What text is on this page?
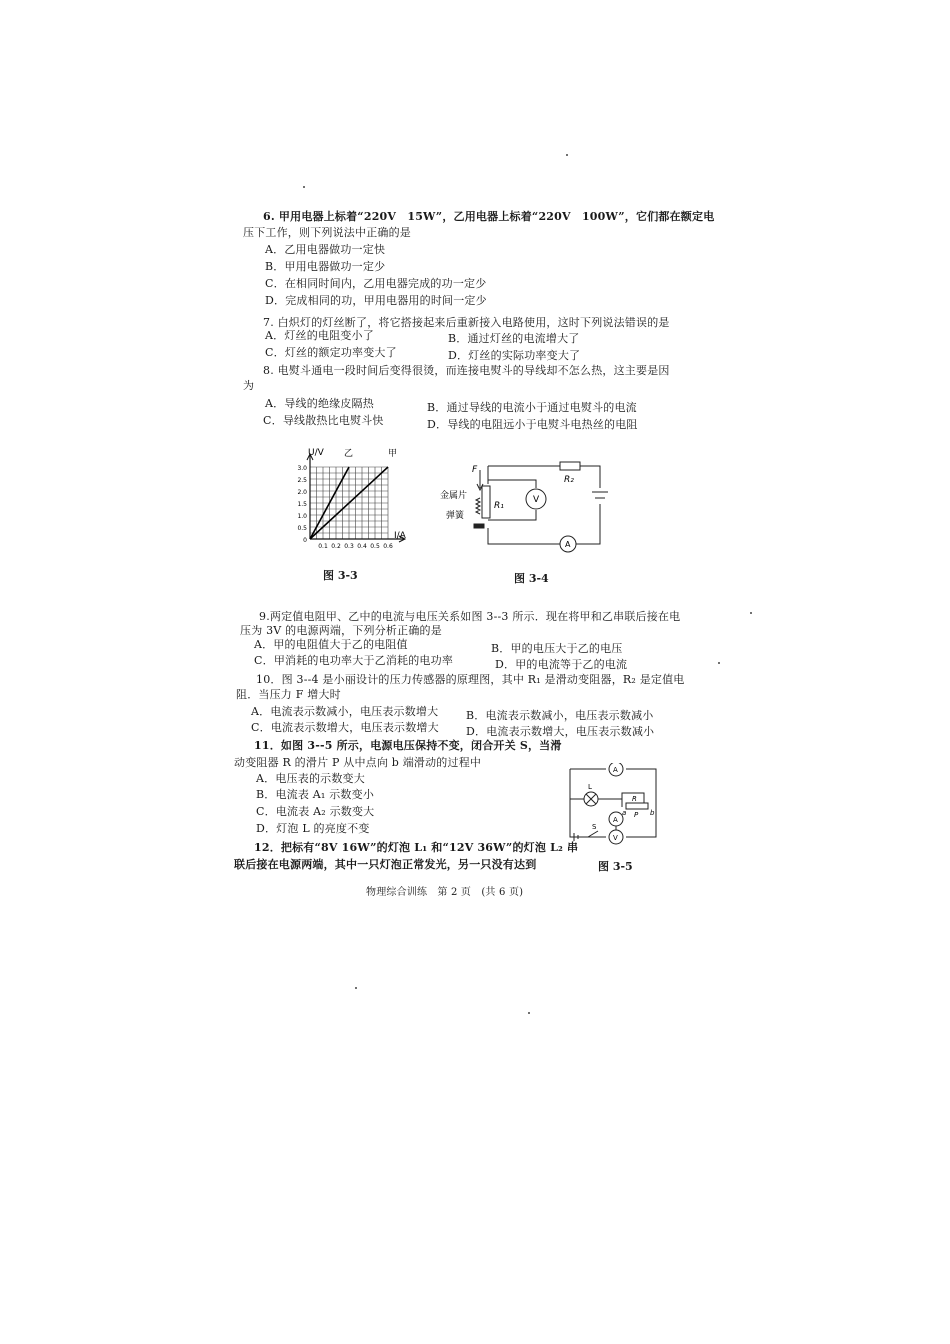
6. 甲用电器上标着“220V　15W”，乙用电器上标着“220V　100W”，它们都在额定电
压下工作，则下列说法中正确的是
A．乙用电器做功一定快
B．甲用电器做功一定少
C．在相同时间内，乙用电器完成的功一定少
D．完成相同的功，甲用电器用的时间一定少
7. 白炽灯的灯丝断了，将它搭接起来后重新接入电路使用，这时下列说法错误的是
A．灯丝的电阻变小了	B．通过灯丝的电流增大了
C．灯丝的额定功率变大了	D．灯丝的实际功率变大了
8. 电熨斗通电一段时间后变得很烫，而连接电熨斗的导线却不怎么热，这主要是因
为
A．导线的绝缘皮隔热	B．通过导线的电流小于通过电熨斗的电流
C．导线散热比电熨斗快	D．导线的电阻远小于电熨斗电热丝的电阻
3.0
2.5
2.0
1.5
1.0
0.5
0
0.1 0.2 0.3 0.4 0.5 0.6
U/V
I/A
乙	甲
图 3-3
F
金属片
弹簧
R₁
R₂
V
A
图 3-4
9.两定值电阻甲、乙中的电流与电压关系如图 3--3 所示．现在将甲和乙串联后接在电
压为 3V 的电源两端，下列分析正确的是
A．甲的电阻值大于乙的电阻值	B．甲的电压大于乙的电压
C．甲消耗的电功率大于乙消耗的电功率	D．甲的电流等于乙的电流
10．图 3--4 是小丽设计的压力传感器的原理图，其中 R₁ 是滑动变阻器，R₂ 是定值电
阻．当压力 F 增大时
A．电流表示数减小，电压表示数增大	B．电流表示数减小，电压表示数减小
C．电流表示数增大，电压表示数增大 D．电流表示数增大，电压表示数减小
11．如图 3--5 所示，电源电压保持不变，闭合开关 S，当滑
动变阻器 R 的滑片 P 从中点向 b 端滑动的过程中
A．电压表的示数变大
B．电流表 A₁ 示数变小
C．电流表 A₂ 示数变大
D．灯泡 L 的亮度不变
A
A
V
L
R
P
a	b
S
图 3-5
12．把标有“8V 16W”的灯泡 L₁ 和“12V 36W”的灯泡 L₂ 串
联后接在电源两端，其中一只灯泡正常发光，另一只没有达到
物理综合训练　第 2 页　(共 6 页)
